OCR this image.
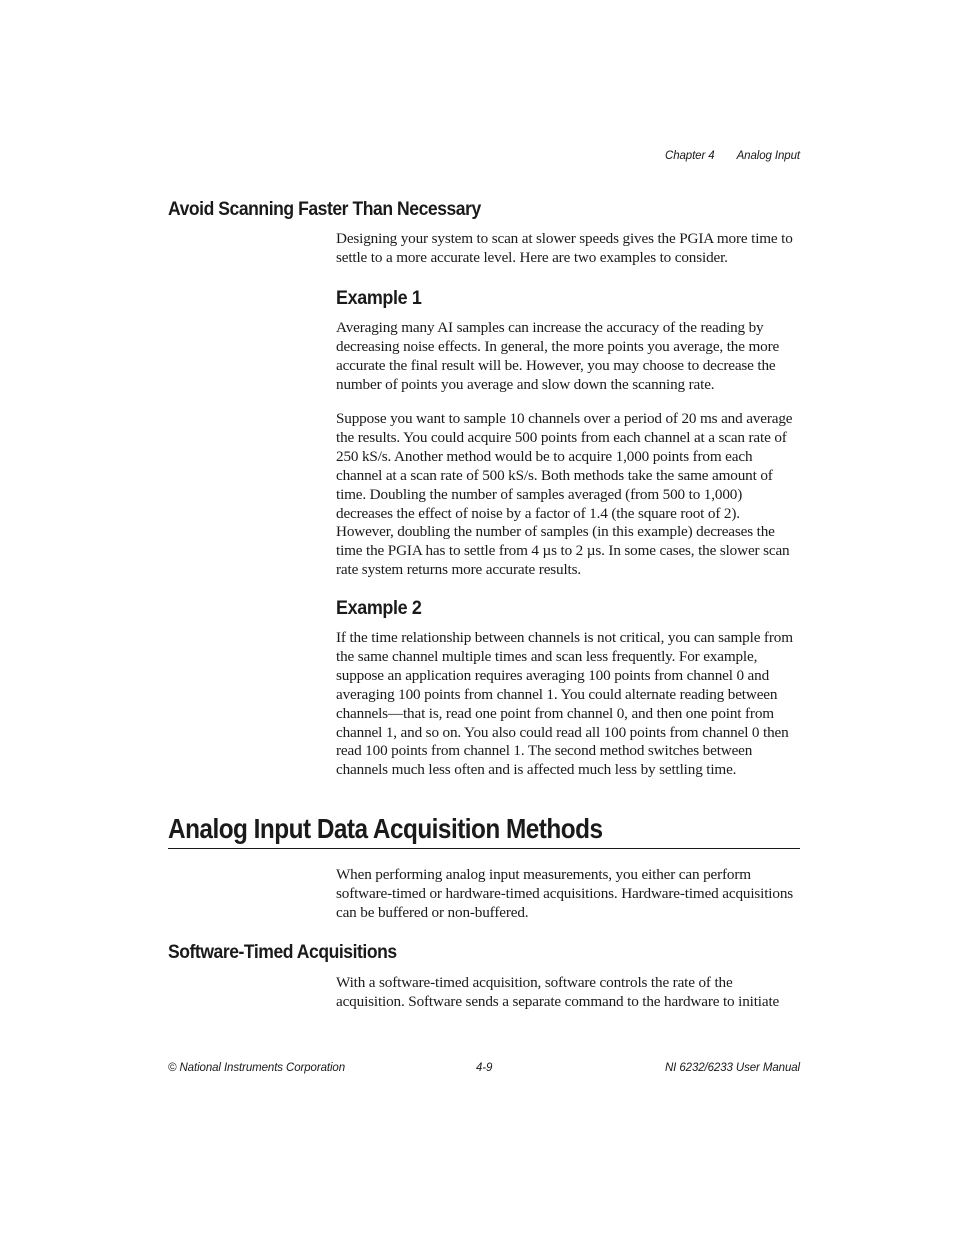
Chapter 4 Analog Input
Avoid Scanning Faster Than Necessary

Designing your system to scan at slower speeds gives the PGIA more time to settle to a more accurate level. Here are two examples to consider.

Example 1

Averaging many AI samples can increase the accuracy of the reading by decreasing noise effects. In general, the more points you average, the more accurate the final result will be. However, you may choose to decrease the number of points you average and slow down the scanning rate.

Suppose you want to sample 10 channels over a period of 20 ms and average the results. You could acquire 500 points from each channel at a scan rate of 250 kS/s. Another method would be to acquire 1,000 points from each channel at a scan rate of 500 kS/s. Both methods take the same amount of time. Doubling the number of samples averaged (from 500 to 1,000) decreases the effect of noise by a factor of 1.4 (the square root of 2). However, doubling the number of samples (in this example) decreases the time the PGIA has to settle from 4 µs to 2 µs. In some cases, the slower scan rate system returns more accurate results.

Example 2

If the time relationship between channels is not critical, you can sample from the same channel multiple times and scan less frequently. For example, suppose an application requires averaging 100 points from channel 0 and averaging 100 points from channel 1. You could alternate reading between channels—that is, read one point from channel 0, and then one point from channel 1, and so on. You also could read all 100 points from channel 0 then read 100 points from channel 1. The second method switches between channels much less often and is affected much less by settling time.

Analog Input Data Acquisition Methods

When performing analog input measurements, you either can perform software-timed or hardware-timed acquisitions. Hardware-timed acquisitions can be buffered or non-buffered.

Software-Timed Acquisitions

With a software-timed acquisition, software controls the rate of the acquisition. Software sends a separate command to the hardware to initiate

© National Instruments Corporation	4-9	NI 6232/6233 User Manual
